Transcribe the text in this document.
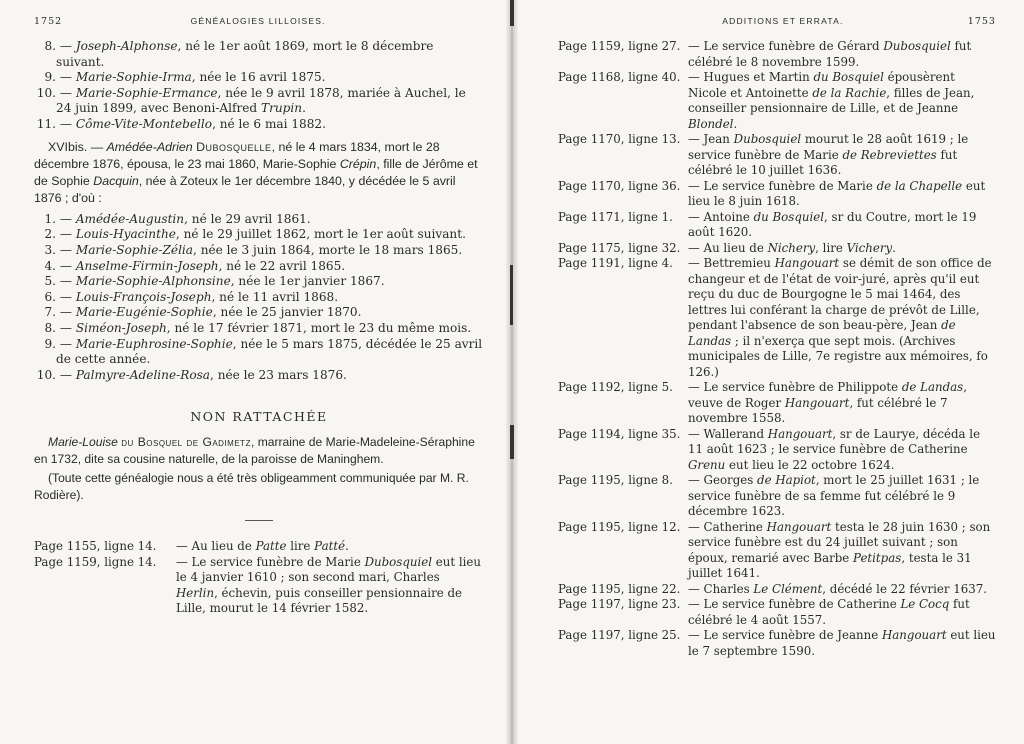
1752	GÉNÉALOGIES LILLOISES.
8. — Joseph-Alphonse, né le 1er août 1869, mort le 8 décembre suivant.
9. — Marie-Sophie-Irma, née le 16 avril 1875.
10. — Marie-Sophie-Ermance, née le 9 avril 1878, mariée à Auchel, le 24 juin 1899, avec Benoni-Alfred Trupin.
11. — Côme-Vite-Montebello, né le 6 mai 1882.
XVIbis. — Amédée-Adrien Dubosquelle, né le 4 mars 1834, mort le 28 décembre 1876, épousa, le 23 mai 1860, Marie-Sophie Crépin, fille de Jérôme et de Sophie Dacquin, née à Zoteux le 1er décembre 1840, y décédée le 5 avril 1876 ; d'où :
1. — Amédée-Augustin, né le 29 avril 1861.
2. — Louis-Hyacinthe, né le 29 juillet 1862, mort le 1er août suivant.
3. — Marie-Sophie-Zélia, née le 3 juin 1864, morte le 18 mars 1865.
4. — Anselme-Firmin-Joseph, né le 22 avril 1865.
5. — Marie-Sophie-Alphonsine, née le 1er janvier 1867.
6. — Louis-François-Joseph, né le 11 avril 1868.
7. — Marie-Eugénie-Sophie, née le 25 janvier 1870.
8. — Siméon-Joseph, né le 17 février 1871, mort le 23 du même mois.
9. — Marie-Euphrosine-Sophie, née le 5 mars 1875, décédée le 25 avril de cette année.
10. — Palmyre-Adeline-Rosa, née le 23 mars 1876.
NON RATTACHÉE
Marie-Louise du Bosquel de Gadimetz, marraine de Marie-Madeleine-Séraphine en 1732, dite sa cousine naturelle, de la paroisse de Maninghem.
(Toute cette généalogie nous a été très obligeamment communiquée par M. R. Rodière).
Page 1155, ligne 14.	— Au lieu de Patte lire Patté.
Page 1159, ligne 14.	— Le service funèbre de Marie Dubosquiel eut lieu le 4 janvier 1610 ; son second mari, Charles Herlin, échevin, puis conseiller pensionnaire de Lille, mourut le 14 février 1582.
ADDITIONS ET ERRATA.	1753
Page 1159, ligne 27. — Le service funèbre de Gérard Dubosquiel fut célébré le 8 novembre 1599.
Page 1168, ligne 40. — Hugues et Martin du Bosquiel épousèrent Nicole et Antoinette de la Rachie, filles de Jean, conseiller pensionnaire de Lille, et de Jeanne Blondel.
Page 1170, ligne 13. — Jean Dubosquiel mourut le 28 août 1619 ; le service funèbre de Marie de Rebreviettes fut célébré le 10 juillet 1636.
Page 1170, ligne 36. — Le service funèbre de Marie de la Chapelle eut lieu le 8 juin 1618.
Page 1171, ligne 1.	— Antoine du Bosquiel, sr du Coutre, mort le 19 août 1620.
Page 1175, ligne 32. — Au lieu de Nichery, lire Vichery.
Page 1191, ligne 4.	— Bettremieu Hangouart se démit de son office de changeur et de l'état de voir-juré, après qu'il eut reçu du duc de Bourgogne le 5 mai 1464, des lettres lui conférant la charge de prévôt de Lille, pendant l'absence de son beau-père, Jean de Landas ; il n'exerça que sept mois. (Archives municipales de Lille, 7e registre aux mémoires, fo 126.)
Page 1192, ligne 5.	— Le service funèbre de Philippote de Landas, veuve de Roger Hangouart, fut célébré le 7 novembre 1558.
Page 1194, ligne 35. — Wallerand Hangouart, sr de Laurye, décéda le 11 août 1623 ; le service funèbre de Catherine Grenu eut lieu le 22 octobre 1624.
Page 1195, ligne 8.	— Georges de Hapiot, mort le 25 juillet 1631 ; le service funèbre de sa femme fut célébré le 9 décembre 1623.
Page 1195, ligne 12. — Catherine Hangouart testa le 28 juin 1630 ; son service funèbre est du 24 juillet suivant ; son époux, remarié avec Barbe Petitpas, testa le 31 juillet 1641.
Page 1195, ligne 22. — Charles Le Clément, décédé le 22 février 1637.
Page 1197, ligne 23. — Le service funèbre de Catherine Le Cocq fut célébré le 4 août 1557.
Page 1197, ligne 25. — Le service funèbre de Jeanne Hangouart eut lieu le 7 septembre 1590.
